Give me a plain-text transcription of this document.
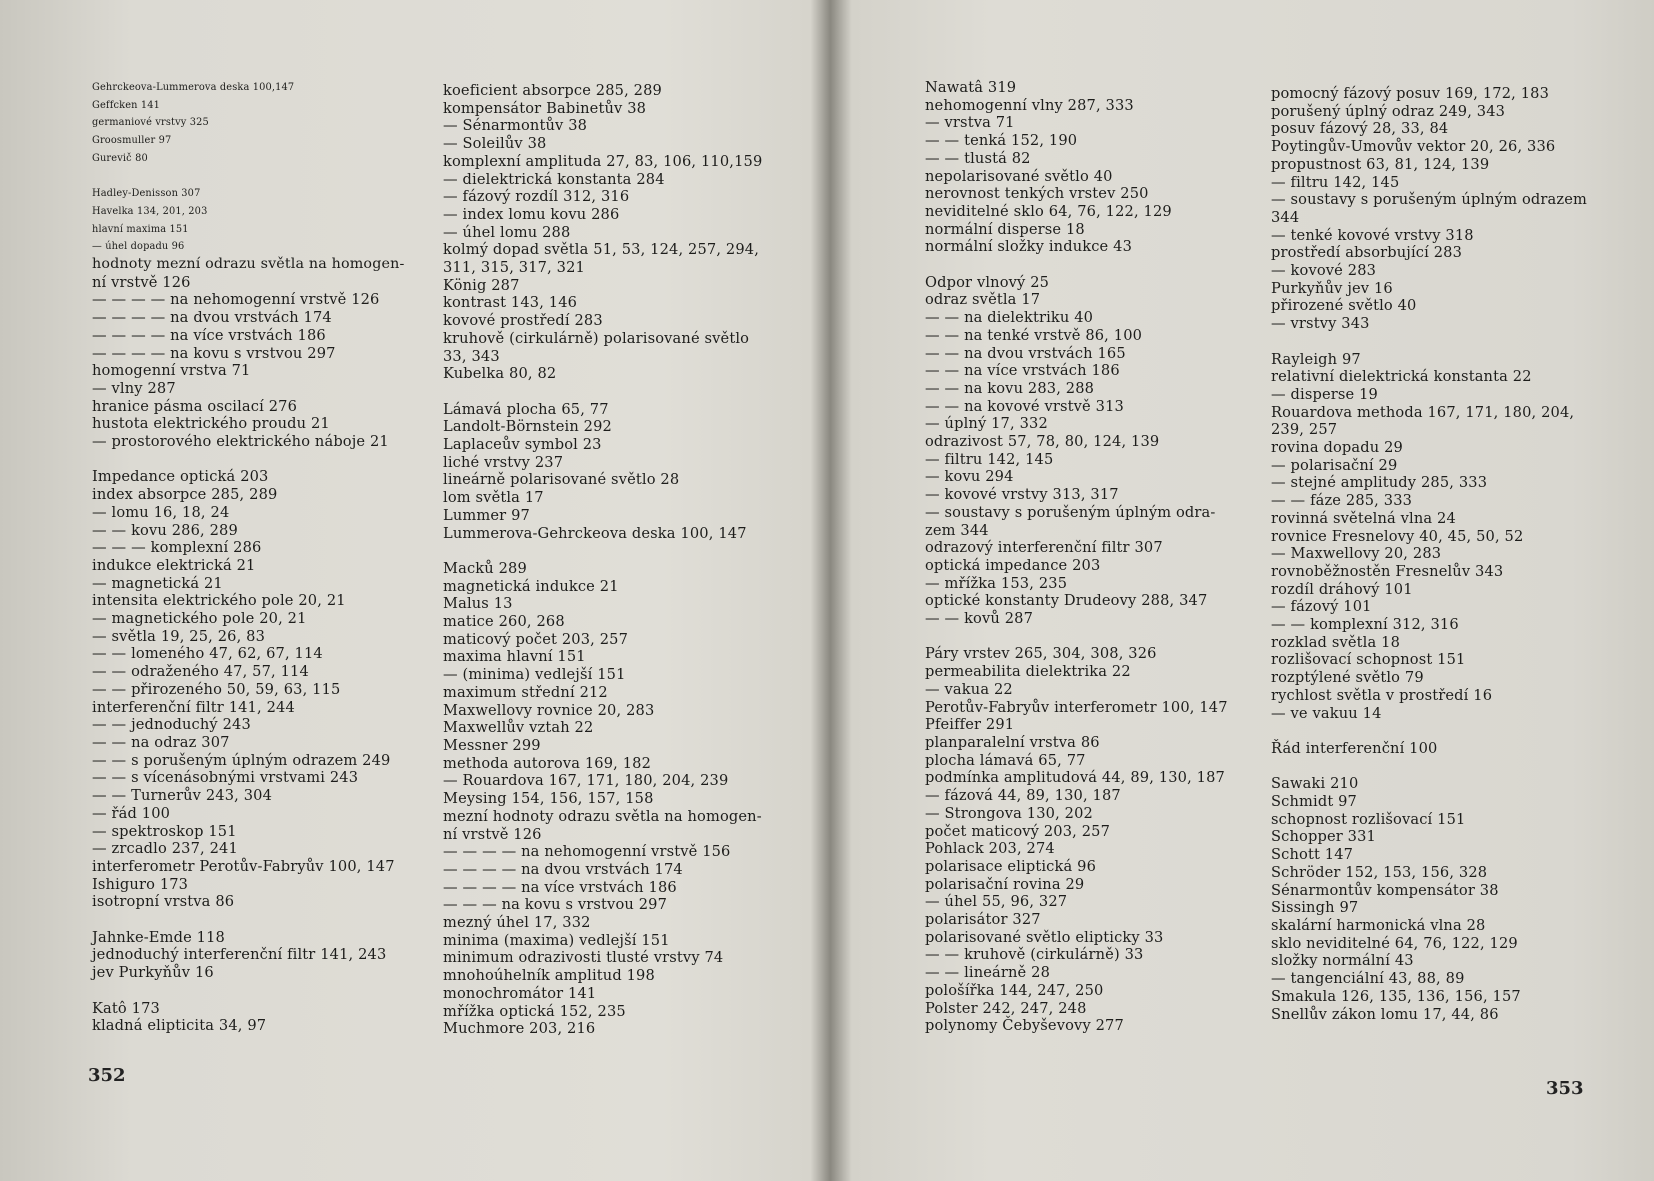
Gehrckeova-Lummerova deska 100,147
Geffcken 141
germaniové vrstvy 325
Groosmuller 97
Gurevič 80
Hadley-Denisson 307
Havelka 134, 201, 203
hlavní maxima 151
— úhel dopadu 96
hodnoty mezní odrazu světla na homogen-
ní vrstvě 126
— — — — na nehomogenní vrstvě 126
— — — — na dvou vrstvách 174
— — — — na více vrstvách 186
— — — — na kovu s vrstvou 297
homogenní vrstva 71
— vlny 287
hranice pásma oscilací 276
hustota elektrického proudu 21
— prostorového elektrického náboje 21
Impedance optická 203
index absorpce 285, 289
— lomu 16, 18, 24
— — kovu 286, 289
— — — komplexní 286
indukce elektrická 21
— magnetická 21
intensita elektrického pole 20, 21
— magnetického pole 20, 21
— světla 19, 25, 26, 83
— — lomeného 47, 62, 67, 114
— — odraženého 47, 57, 114
— — přirozeného 50, 59, 63, 115
interferenční filtr 141, 244
— — jednoduchý 243
— — na odraz 307
— — s porušeným úplným odrazem 249
— — s vícenásobnými vrstvami 243
— — Turnerův 243, 304
— řád 100
— spektroskop 151
— zrcadlo 237, 241
interferometr Perotův-Fabryův 100, 147
Ishiguro 173
isotropní vrstva 86
Jahnke-Emde 118
jednoduchý interferenční filtr 141, 243
jev Purkyňův 16
Katô 173
kladná elipticita 34, 97
koeficient absorpce 285, 289
kompensátor Babinetův 38
— Sénarmontův 38
— Soleilův 38
komplexní amplituda 27, 83, 106, 110,159
— dielektrická konstanta 284
— fázový rozdíl 312, 316
— index lomu kovu 286
— úhel lomu 288
kolmý dopad světla 51, 53, 124, 257, 294,
311, 315, 317, 321
König 287
kontrast 143, 146
kovové prostředí 283
kruhově (cirkulárně) polarisované světlo
33, 343
Kubelka 80, 82
Lámavá plocha 65, 77
Landolt-Börnstein 292
Laplaceův symbol 23
liché vrstvy 237
lineárně polarisované světlo 28
lom světla 17
Lummer 97
Lummerova-Gehrckeova deska 100, 147
Macků 289
magnetická indukce 21
Malus 13
matice 260, 268
maticový počet 203, 257
maxima hlavní 151
— (minima) vedlejší 151
maximum střední 212
Maxwellovy rovnice 20, 283
Maxwellův vztah 22
Messner 299
methoda autorova 169, 182
— Rouardova 167, 171, 180, 204, 239
Meysing 154, 156, 157, 158
mezní hodnoty odrazu světla na homogen-
ní vrstvě 126
— — — — na nehomogenní vrstvě 156
— — — — na dvou vrstvách 174
— — — — na více vrstvách 186
— — — na kovu s vrstvou 297
mezný úhel 17, 332
minima (maxima) vedlejší 151
minimum odrazivosti tlusté vrstvy 74
mnohoúhelník amplitud 198
monochromátor 141
mřížka optická 152, 235
Muchmore 203, 216
352
Nawatâ 319
nehomogenní vlny 287, 333
— vrstva 71
— — tenká 152, 190
— — tlustá 82
nepolarisované světlo 40
nerovnost tenkých vrstev 250
neviditelné sklo 64, 76, 122, 129
normální disperse 18
normální složky indukce 43
Odpor vlnový 25
odraz světla 17
— — na dielektriku 40
— — na tenké vrstvě 86, 100
— — na dvou vrstvách 165
— — na více vrstvách 186
— — na kovu 283, 288
— — na kovové vrstvě 313
— úplný 17, 332
odrazivost 57, 78, 80, 124, 139
— filtru 142, 145
— kovu 294
— kovové vrstvy 313, 317
— soustavy s porušeným úplným odra-
zem 344
odrazový interferenční filtr 307
optická impedance 203
— mřížka 153, 235
optické konstanty Drudeovy 288, 347
— — kovů 287
Páry vrstev 265, 304, 308, 326
permeabilita dielektrika 22
— vakua 22
Perotův-Fabryův interferometr 100, 147
Pfeiffer 291
planparalelní vrstva 86
plocha lámavá 65, 77
podmínka amplitudová 44, 89, 130, 187
— fázová 44, 89, 130, 187
— Strongova 130, 202
počet maticový 203, 257
Pohlack 203, 274
polarisace eliptická 96
polarisační rovina 29
— úhel 55, 96, 327
polarisátor 327
polarisované světlo elipticky 33
— — kruhově (cirkulárně) 33
— — lineárně 28
pološířka 144, 247, 250
Polster 242, 247, 248
polynomy Čebyševovy 277
pomocný fázový posuv 169, 172, 183
porušený úplný odraz 249, 343
posuv fázový 28, 33, 84
Poytingův-Umovův vektor 20, 26, 336
propustnost 63, 81, 124, 139
— filtru 142, 145
— soustavy s porušeným úplným odrazem
344
— tenké kovové vrstvy 318
prostředí absorbující 283
— kovové 283
Purkyňův jev 16
přirozené světlo 40
— vrstvy 343
Rayleigh 97
relativní dielektrická konstanta 22
— disperse 19
Rouardova methoda 167, 171, 180, 204,
239, 257
rovina dopadu 29
— polarisační 29
— stejné amplitudy 285, 333
— — fáze 285, 333
rovinná světelná vlna 24
rovnice Fresnelovy 40, 45, 50, 52
— Maxwellovy 20, 283
rovnoběžnostěn Fresnelův 343
rozdíl dráhový 101
— fázový 101
— — komplexní 312, 316
rozklad světla 18
rozlišovací schopnost 151
rozptýlené světlo 79
rychlost světla v prostředí 16
— ve vakuu 14
Řád interferenční 100
Sawaki 210
Schmidt 97
schopnost rozlišovací 151
Schopper 331
Schott 147
Schröder 152, 153, 156, 328
Sénarmontův kompensátor 38
Sissingh 97
skalární harmonická vlna 28
sklo neviditelné 64, 76, 122, 129
složky normální 43
— tangenciální 43, 88, 89
Smakula 126, 135, 136, 156, 157
Snellův zákon lomu 17, 44, 86
353
